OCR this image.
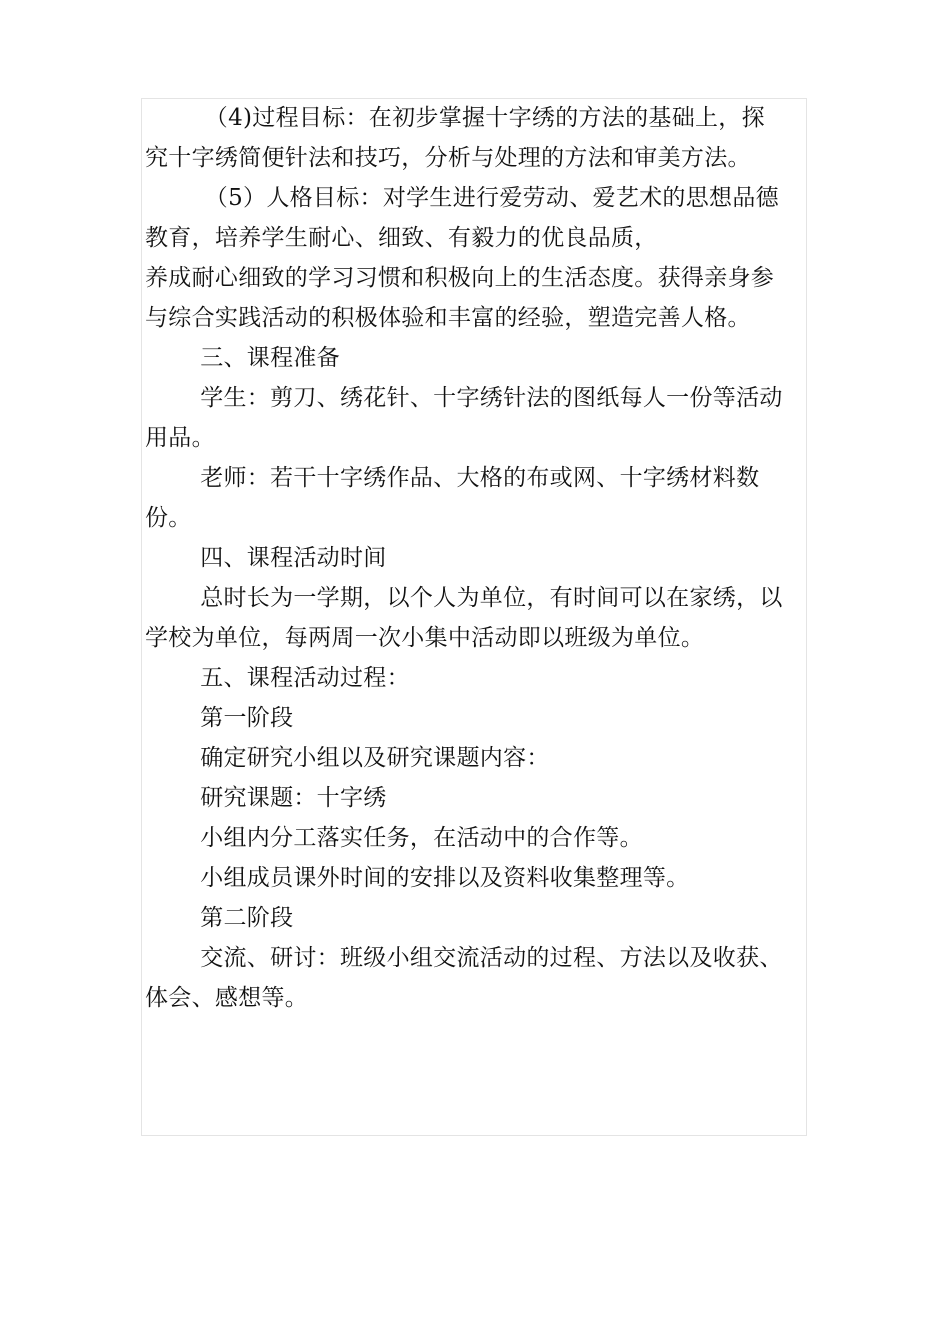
（4)过程目标：在初步掌握十字绣的方法的基础上，探究十字绣简便针法和技巧，分析与处理的方法和审美方法。

（5）人格目标：对学生进行爱劳动、爱艺术的思想品德教育，培养学生耐心、细致、有毅力的优良品质，
养成耐心细致的学习习惯和积极向上的生活态度。获得亲身参与综合实践活动的积极体验和丰富的经验，塑造完善人格。

三、课程准备

学生：剪刀、绣花针、十字绣针法的图纸每人一份等活动用品。

老师：若干十字绣作品、大格的布或网、十字绣材料数份。

四、课程活动时间

总时长为一学期，以个人为单位，有时间可以在家绣，以学校为单位，每两周一次小集中活动即以班级为单位。

五、课程活动过程：

第一阶段

确定研究小组以及研究课题内容：

研究课题：十字绣

小组内分工落实任务，在活动中的合作等。

小组成员课外时间的安排以及资料收集整理等。

第二阶段

交流、研讨：班级小组交流活动的过程、方法以及收获、体会、感想等。
